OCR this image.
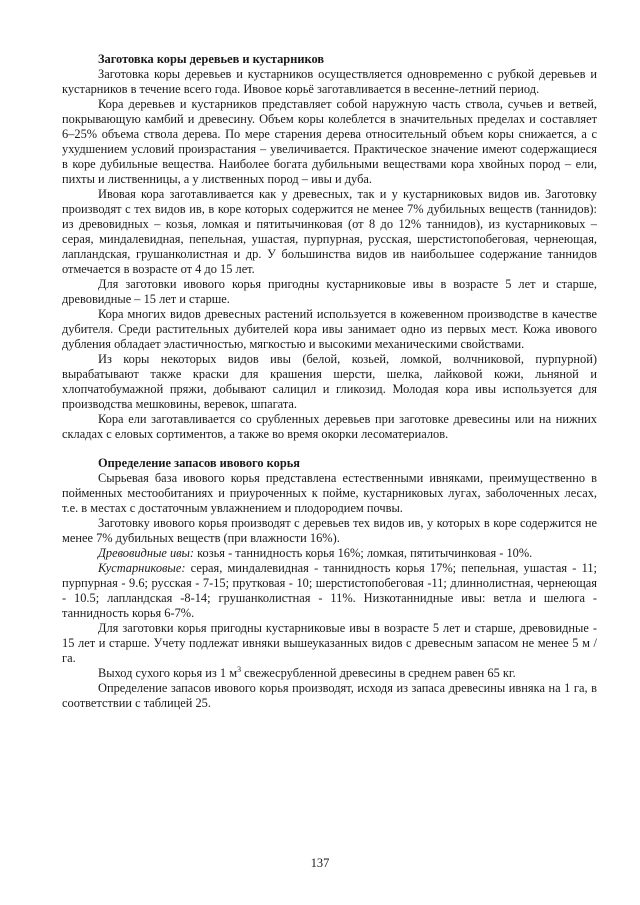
Заготовка коры деревьев и кустарников

Заготовка коры деревьев и кустарников осуществляется одновременно с рубкой деревьев и кустарников в течение всего года. Ивовое корьё заготавливается в весенне-летний период.

Кора деревьев и кустарников представляет собой наружную часть ствола, сучьев и ветвей, покрывающую камбий и древесину. Объем коры колеблется в значительных пределах и составляет 6–25% объема ствола дерева. По мере старения дерева относительный объем коры снижается, а с ухудшением условий произрастания – увеличивается. Практическое значение имеют содержащиеся в коре дубильные вещества. Наиболее богата дубильными веществами кора хвойных пород – ели, пихты и лиственницы, а у лиственных пород – ивы и дуба.

Ивовая кора заготавливается как у древесных, так и у кустарниковых видов ив. Заготовку производят с тех видов ив, в коре которых содержится не менее 7% дубильных веществ (таннидов): из древовидных – козья, ломкая и пятитычинковая (от 8 до 12% таннидов), из кустарниковых – серая, миндалевидная, пепельная, ушастая, пурпурная, русская, шерстистопобеговая, чернеющая, лапландская, грушанколистная и др. У большинства видов ив наибольшее содержание таннидов отмечается в возрасте от 4 до 15 лет.

Для заготовки ивового корья пригодны кустарниковые ивы в возрасте 5 лет и старше, древовидные – 15 лет и старше.

Кора многих видов древесных растений используется в кожевенном производстве в качестве дубителя. Среди растительных дубителей кора ивы занимает одно из первых мест. Кожа ивового дубления обладает эластичностью, мягкостью и высокими механическими свойствами.

Из коры некоторых видов ивы (белой, козьей, ломкой, волчниковой, пурпурной) вырабатывают также краски для крашения шерсти, шелка, лайковой кожи, льняной и хлопчатобумажной пряжи, добывают салицил и гликозид. Молодая кора ивы используется для производства мешковины, веревок, шпагата.

Кора ели заготавливается со срубленных деревьев при заготовке древесины или на нижних складах с еловых сортиментов, а также во время окорки лесоматериалов.

Определение запасов ивового корья

Сырьевая база ивового корья представлена естественными ивняками, преимущественно в пойменных местообитаниях и приуроченных к пойме, кустарниковых лугах, заболоченных лесах, т.е. в местах с достаточным увлажнением и плодородием почвы.

Заготовку ивового корья производят с деревьев тех видов ив, у которых в коре содержится не менее 7% дубильных веществ (при влажности 16%).

Древовидные ивы: козья - таннидность корья 16%; ломкая, пятитычинковая - 10%.

Кустарниковые: серая, миндалевидная - таннидность корья 17%; пепельная, ушастая - 11; пурпурная - 9.6; русская - 7-15; прутковая - 10; шерстистопобеговая -11; длиннолистная, чернеющая - 10.5; лапландская -8-14; грушанколистная - 11%. Низкотаннидные ивы: ветла и шелюга - таннидность корья 6-7%.

Для заготовки корья пригодны кустарниковые ивы в возрасте 5 лет и старше, древовидные - 15 лет и старше. Учету подлежат ивняки вышеуказанных видов с древесным запасом не менее 5 м /га.

Выход сухого корья из 1 $м^3$ свежесрубленной древесины в среднем равен 65 кг.

Определение запасов ивового корья производят, исходя из запаса древесины ивняка на 1 га, в соответствии с таблицей 25.

137
